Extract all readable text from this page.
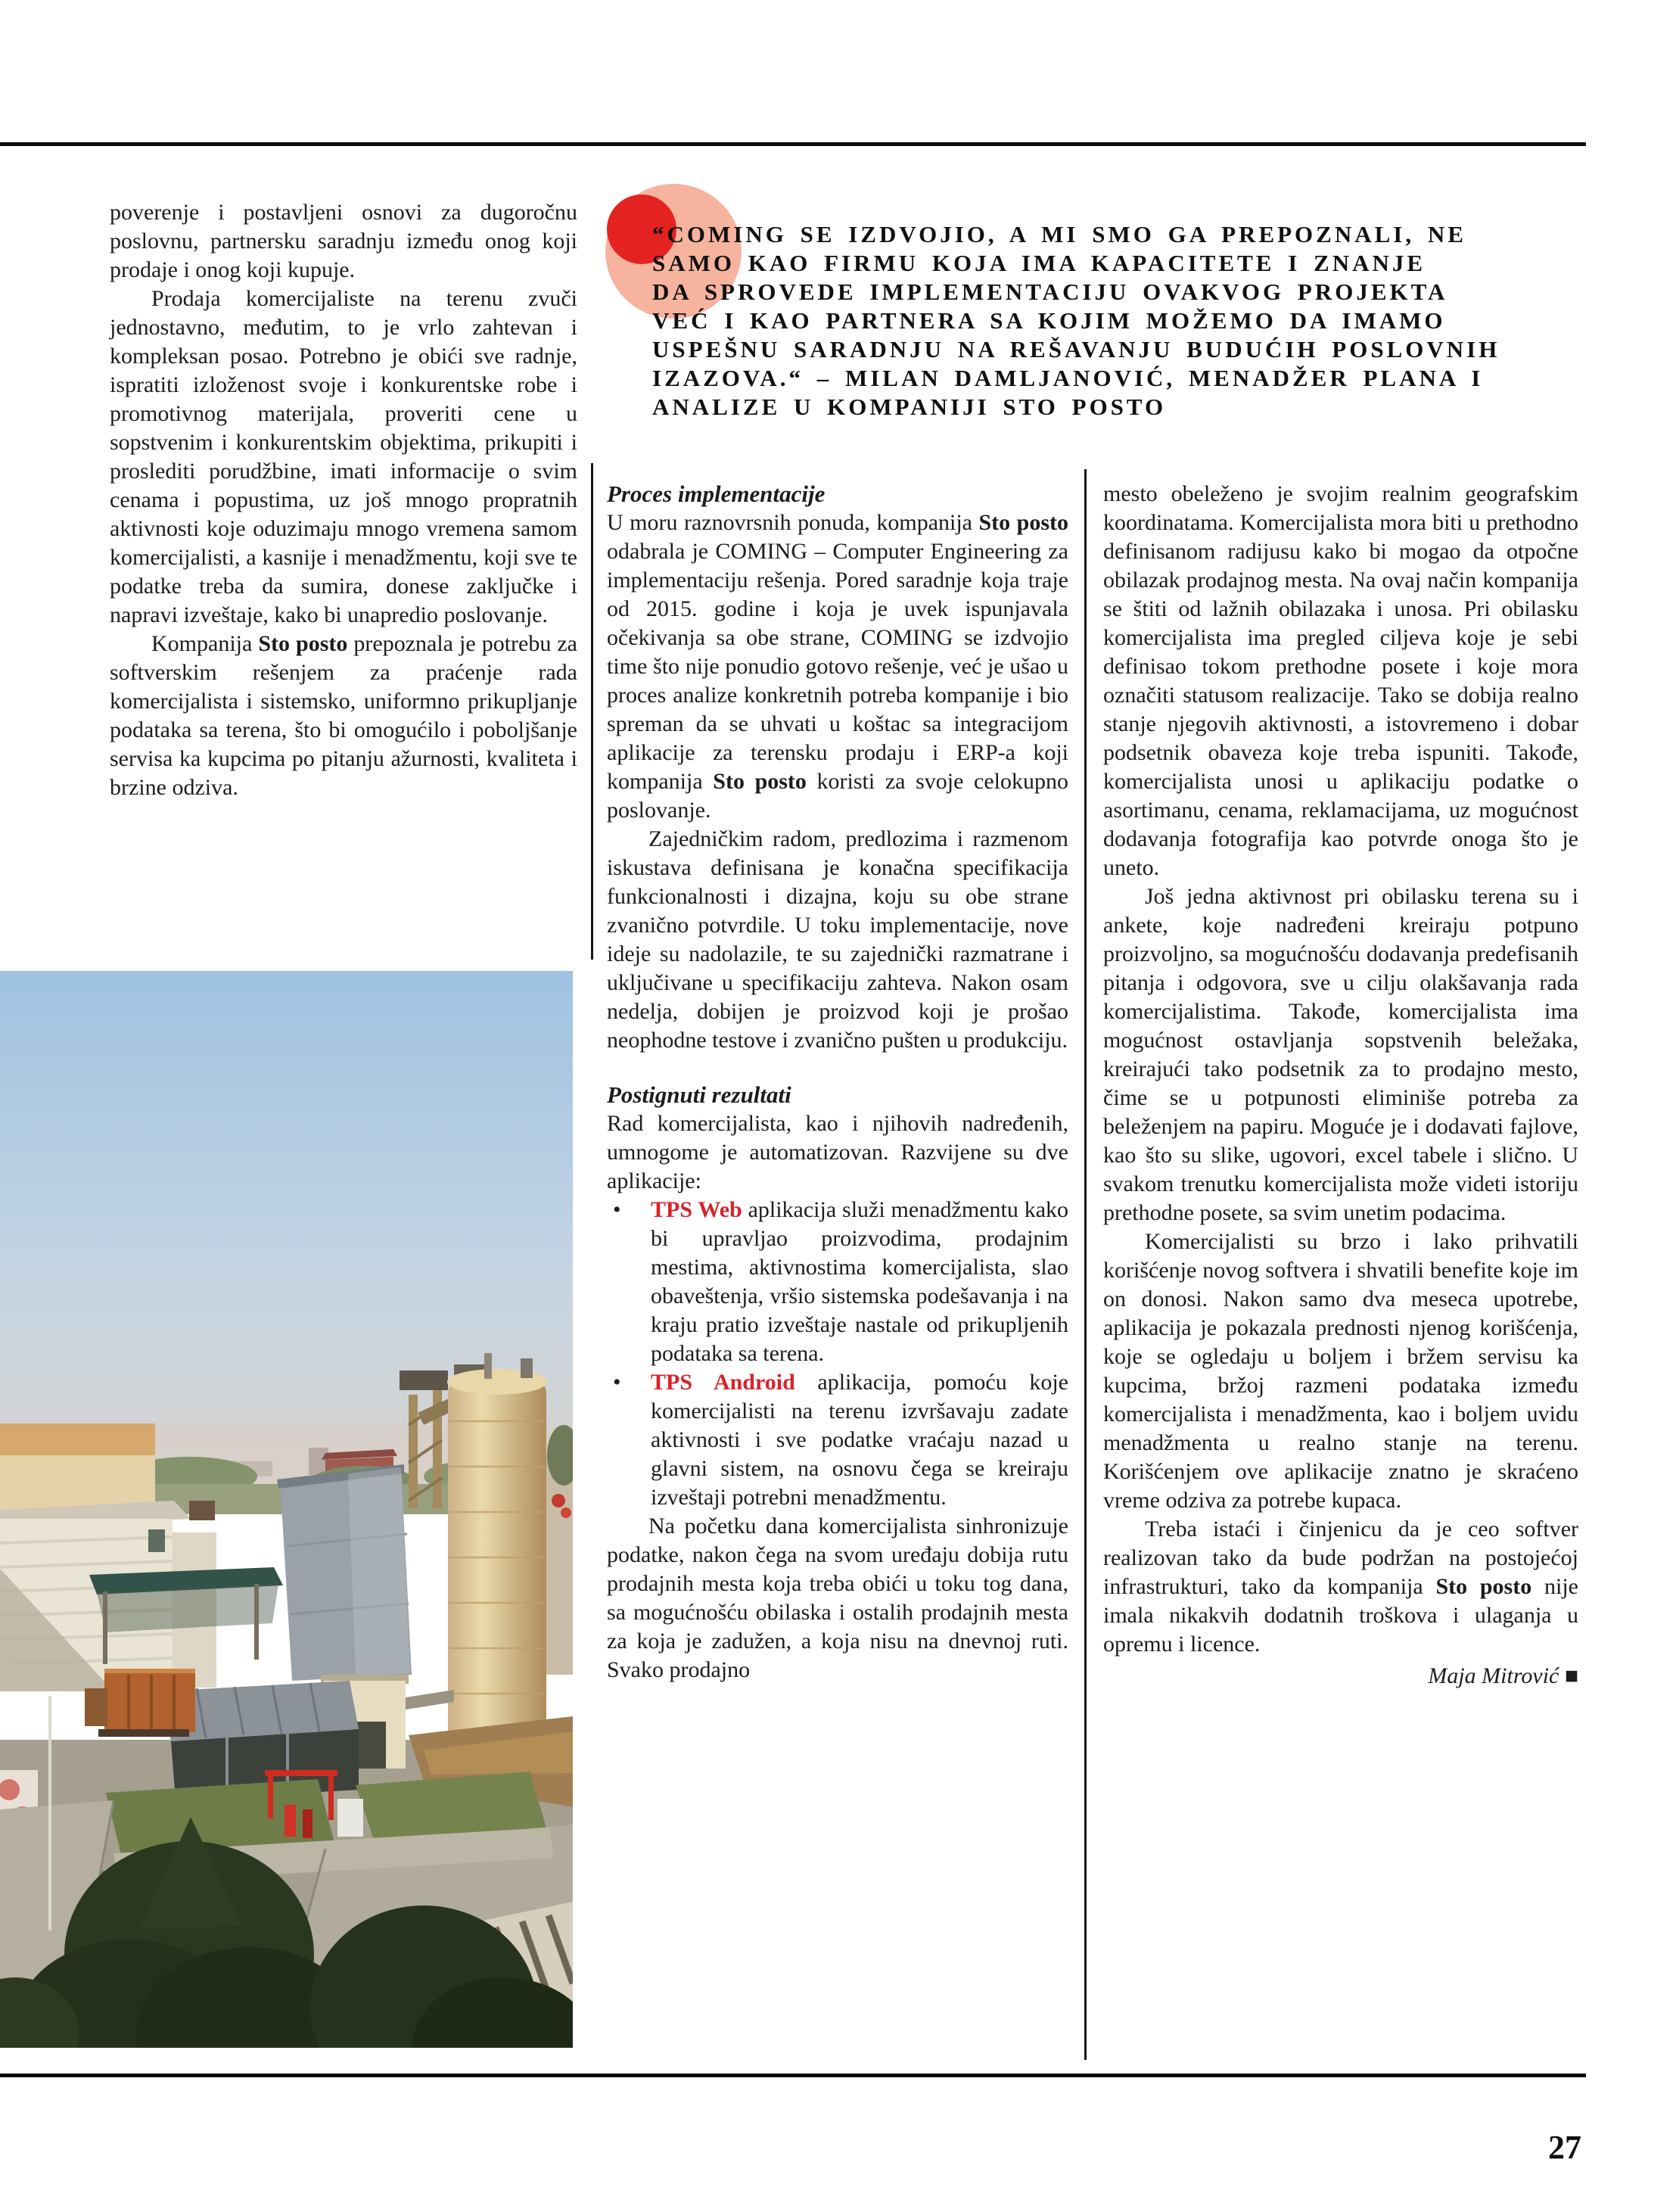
“COMING SE IZDVOJIO, A MI SMO GA PREPOZNALI, NE

SAMO KAO FIRMU KOJA IMA KAPACITETE I ZNANJE

DA SPROVEDE IMPLEMENTACIJU OVAKVOG PROJEKTA

VEĆ I KAO PARTNERA SA KOJIM MOŽEMO DA IMAMO

USPEŠNU SARADNJU NA REŠAVANJU BUDUĆIH POSLOVNIH

IZAZOVA.“ – MILAN DAMLJANOVIĆ, MENADŽER PLANA I

ANALIZE U KOMPANIJI STO POSTO

poverenje i postavljeni osnovi za dugoročnu poslovnu, partnersku saradnju između onog koji prodaje i onog koji kupuje.

Prodaja komercijaliste na terenu zvuči jednostavno, međutim, to je vrlo zahtevan i kompleksan posao. Potrebno je obići sve radnje, ispratiti izloženost svoje i konkurentske robe i promotivnog materijala, proveriti cene u sopstvenim i konkurentskim objektima, prikupiti i proslediti porudžbine, imati informacije o svim cenama i popustima, uz još mnogo propratnih aktivnosti koje oduzimaju mnogo vremena samom komercijalisti, a kasnije i menadžmentu, koji sve te podatke treba da sumira, donese zaključke i napravi izveštaje, kako bi unapredio poslovanje.

Kompanija Sto posto prepoznala je potrebu za softverskim rešenjem za praćenje rada komercijalista i sistemsko, uniformno prikupljanje podataka sa terena, što bi omogućilo i poboljšanje servisa ka kupcima po pitanju ažurnosti, kvaliteta i brzine odziva.

Proces implementacije

U moru raznovrsnih ponuda, kompanija Sto posto odabrala je COMING – Computer Engineering za implementaciju rešenja. Pored saradnje koja traje od 2015. godine i koja je uvek ispunjavala očekivanja sa obe strane, COMING se izdvojio time što nije ponudio gotovo rešenje, već je ušao u proces analize konkretnih potreba kompanije i bio spreman da se uhvati u koštac sa integracijom aplikacije za terensku prodaju i ERP-a koji kompanija Sto posto koristi za svoje celokupno poslovanje.

Zajedničkim radom, predlozima i razmenom iskustava definisana je konačna specifikacija funkcionalnosti i dizajna, koju su obe strane zvanično potvrdile. U toku implementacije, nove ideje su nadolazile, te su zajednički razmatrane i uključivane u specifikaciju zahteva. Nakon osam nedelja, dobijen je proizvod koji je prošao neophodne testove i zvanično pušten u produkciju.

Postignuti rezultati

Rad komercijalista, kao i njihovih nadređenih, umnogome je automatizovan. Razvijene su dve aplikacije:

• TPS Web aplikacija služi menadžmentu kako bi upravljao proizvodima, prodajnim mestima, aktivnostima komercijalista, slao obaveštenja, vršio sistemska podešavanja i na kraju pratio izveštaje nastale od prikupljenih podataka sa terena.

• TPS Android aplikacija, pomoću koje komercijalisti na terenu izvršavaju zadate aktivnosti i sve podatke vraćaju nazad u glavni sistem, na osnovu čega se kreiraju izveštaji potrebni menadžmentu.

Na početku dana komercijalista sinhronizuje podatke, nakon čega na svom uređaju dobija rutu prodajnih mesta koja treba obići u toku tog dana, sa mogućnošću obilaska i ostalih prodajnih mesta za koja je zadužen, a koja nisu na dnevnoj ruti. Svako prodajno

mesto obeleženo je svojim realnim geografskim koordinatama. Komercijalista mora biti u prethodno definisanom radijusu kako bi mogao da otpočne obilazak prodajnog mesta. Na ovaj način kompanija se štiti od lažnih obilazaka i unosa. Pri obilasku komercijalista ima pregled ciljeva koje je sebi definisao tokom prethodne posete i koje mora označiti statusom realizacije. Tako se dobija realno stanje njegovih aktivnosti, a istovremeno i dobar podsetnik obaveza koje treba ispuniti. Takođe, komercijalista unosi u aplikaciju podatke o asortimanu, cenama, reklamacijama, uz mogućnost dodavanja fotografija kao potvrde onoga što je uneto.

Još jedna aktivnost pri obilasku terena su i ankete, koje nadređeni kreiraju potpuno proizvoljno, sa mogućnošću dodavanja predefisanih pitanja i odgovora, sve u cilju olakšavanja rada komercijalistima. Takođe, komercijalista ima mogućnost ostavljanja sopstvenih beležaka, kreirajući tako podsetnik za to prodajno mesto, čime se u potpunosti eliminiše potreba za beleženjem na papiru. Moguće je i dodavati fajlove, kao što su slike, ugovori, excel tabele i slično. U svakom trenutku komercijalista može videti istoriju prethodne posete, sa svim unetim podacima.

Komercijalisti su brzo i lako prihvatili korišćenje novog softvera i shvatili benefite koje im on donosi. Nakon samo dva meseca upotrebe, aplikacija je pokazala prednosti njenog korišćenja, koje se ogledaju u boljem i bržem servisu ka kupcima, bržoj razmeni podataka između komercijalista i menadžmenta, kao i boljem uvidu menadžmenta u realno stanje na terenu. Korišćenjem ove aplikacije znatno je skraćeno vreme odziva za potrebe kupaca.

Treba istaći i činjenicu da je ceo softver realizovan tako da bude podržan na postojećoj infrastrukturi, tako da kompanija Sto posto nije imala nikakvih dodatnih troškova i ulaganja u opremu i licence.

Maja Mitrović ■

27
